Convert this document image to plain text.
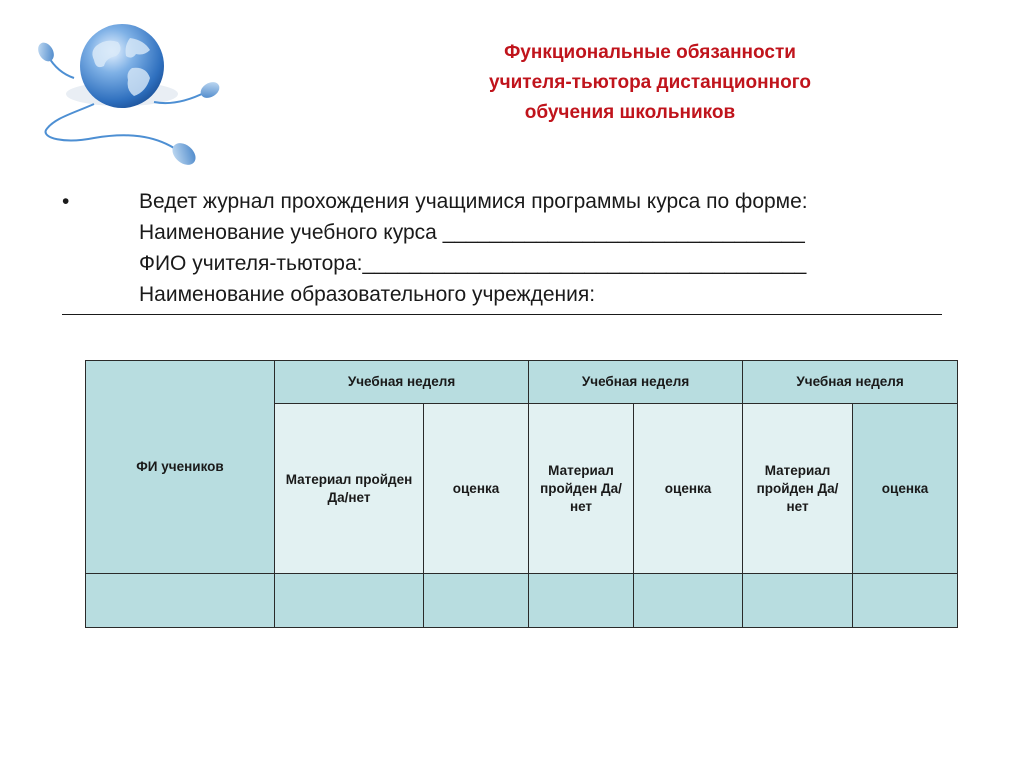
Функциональные обязанности
учителя-тьютора дистанционного
обучения школьников
•	Ведет журнал прохождения учащимися программы курса по форме:
Наименование учебного курса _______________________________
ФИО учителя-тьютора:______________________________________
Наименование образовательного учреждения:
ФИ учеников	Учебная неделя		Учебная неделя		Учебная неделя	
	Материал пройден Да/нет	оценка	Материал пройден Да/нет	оценка	Материал пройден Да/нет	оценка
